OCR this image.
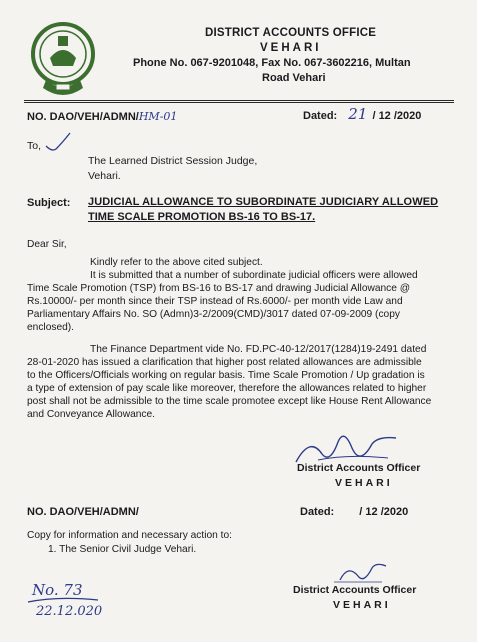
DISTRICT ACCOUNTS OFFICE
VEHARI
Phone No. 067-9201048, Fax No. 067-3602216, Multan
Road Vehari
NO. DAO/VEH/ADMN/HM-01	Dated: 21 / 12 /2020
To,
The Learned District Session Judge,
Vehari.
Subject: JUDICIAL ALLOWANCE TO SUBORDINATE JUDICIARY ALLOWED
TIME SCALE PROMOTION BS-16 TO BS-17.
Dear Sir,
Kindly refer to the above cited subject.
It is submitted that a number of subordinate judicial officers were allowed
Time Scale Promotion (TSP) from BS-16 to BS-17 and drawing Judicial Allowance @
Rs.10000/- per month since their TSP instead of Rs.6000/- per month vide Law and
Parliamentary Affairs No. SO (Admn)3-2/2009(CMD)/3017 dated 07-09-2009 (copy
enclosed).
The Finance Department vide No. FD.PC-40-12/2017(1284)19-2491 dated
28-01-2020 has issued a clarification that higher post related allowances are admissible
to the Officers/Officials working on regular basis. Time Scale Promotion / Up gradation is
a type of extension of pay scale like moreover, therefore the allowances related to higher
post shall not be admissible to the time scale promotee except like House Rent Allowance
and Conveyance Allowance.
District Accounts Officer
VEHARI
NO. DAO/VEH/ADMN/	Dated: / 12 /2020
Copy for information and necessary action to:
1. The Senior Civil Judge Vehari.
District Accounts Officer
VEHARI
No. 73
22.12.020
